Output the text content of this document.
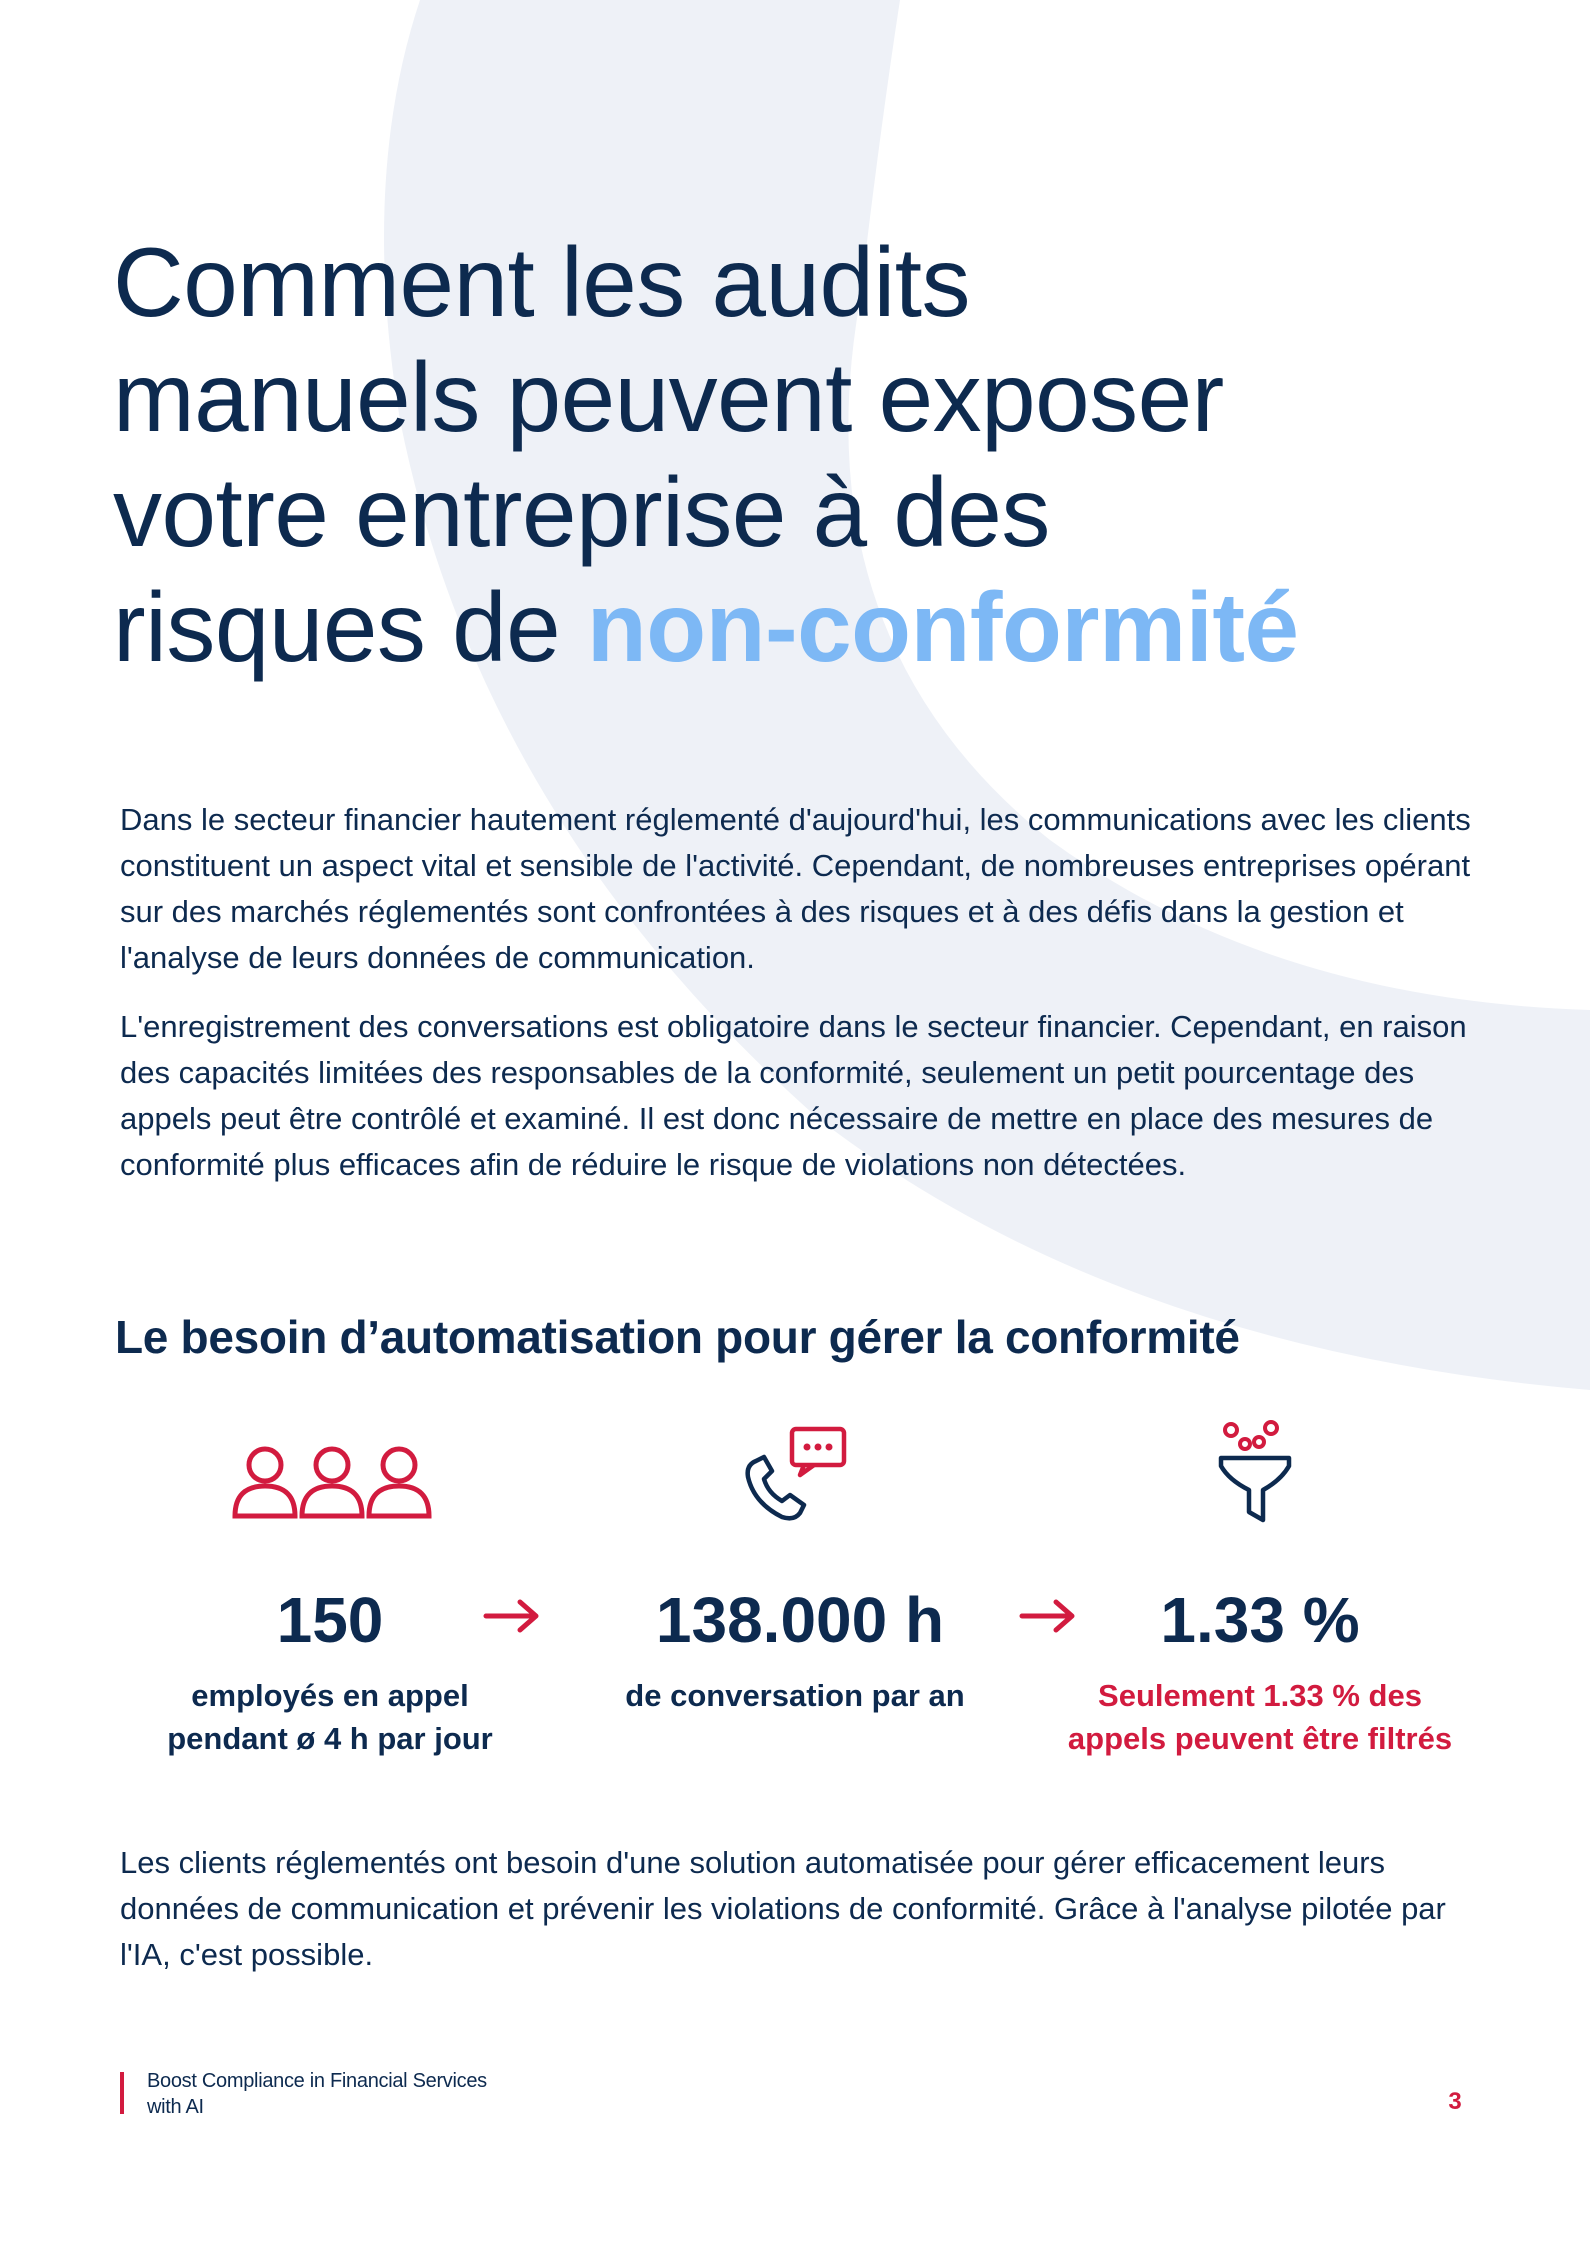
Comment les audits
manuels peuvent exposer
votre entreprise à des
risques de non-conformité

Dans le secteur financier hautement réglementé d'aujourd'hui, les communications avec les clients constituent un aspect vital et sensible de l'activité. Cependant, de nombreuses entreprises opérant sur des marchés réglementés sont confrontées à des risques et à des défis dans la gestion et l'analyse de leurs données de communication.

L'enregistrement des conversations est obligatoire dans le secteur financier. Cependant, en raison des capacités limitées des responsables de la conformité, seulement un petit pourcentage des appels peut être contrôlé et examiné. Il est donc nécessaire de mettre en place des mesures de conformité plus efficaces afin de réduire le risque de violations non détectées.

Le besoin d’automatisation pour gérer la conformité
150	138.000 h	1.33 %
employés en appel
pendant ø 4 h par jour
de conversation par an	Seulement 1.33 % des
appels peuvent être filtrés

Les clients réglementés ont besoin d'une solution automatisée pour gérer efficacement leurs données de communication et prévenir les violations de conformité. Grâce à l'analyse pilotée par l'IA, c'est possible.

Boost Compliance in Financial Services
with AI	3
